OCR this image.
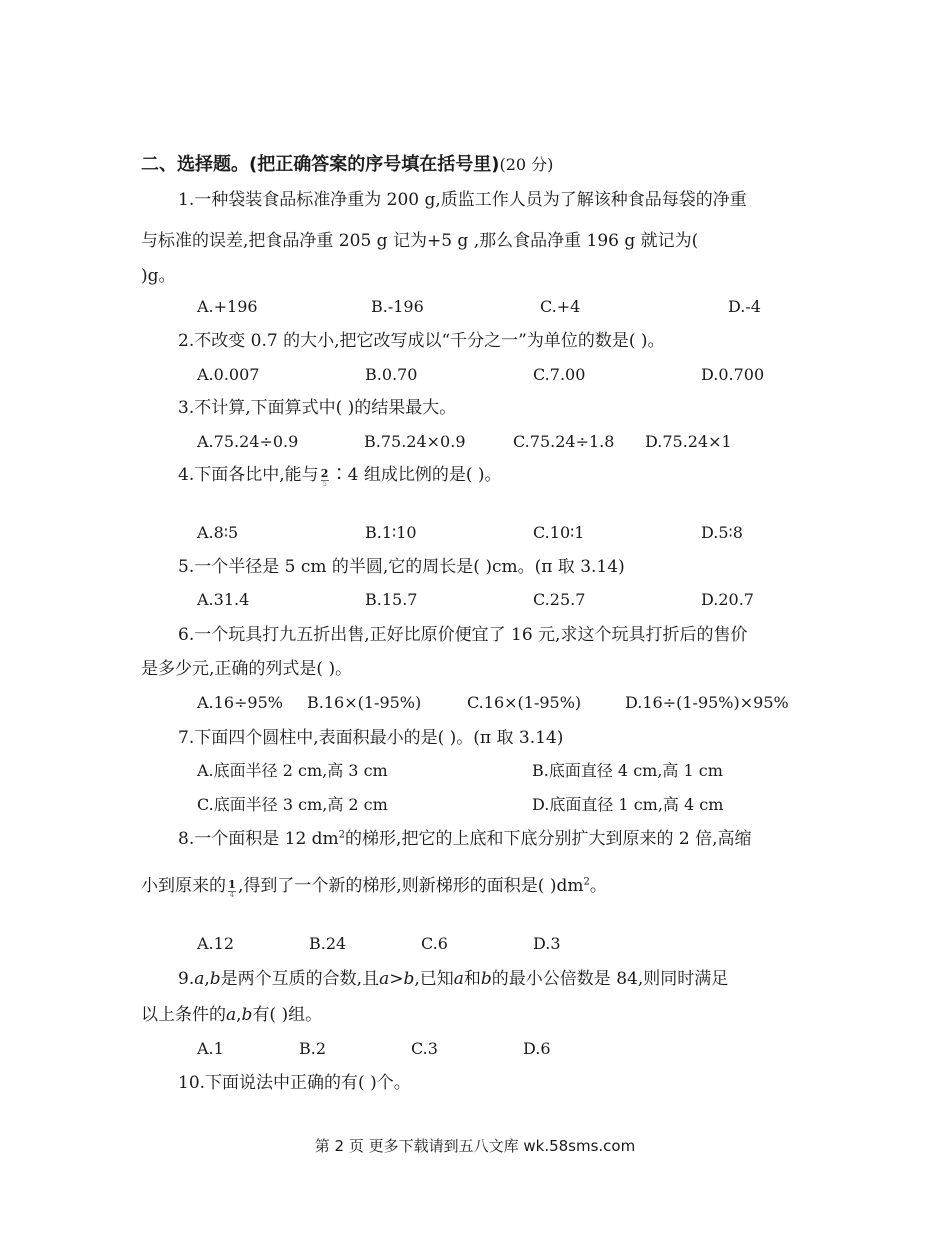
二、选择题。(把正确答案的序号填在括号里)(20 分)
1.一种袋装食品标准净重为 200 g,质监工作人员为了解该种食品每袋的净重
与标准的误差,把食品净重 205 g 记为+5 g ,那么食品净重 196 g 就记为(
)g。
A.+196	B.-196	C.+4	D.-4
2.不改变 0.7 的大小,把它改写成以“千分之一”为单位的数是( )。
A.0.007	B.0.70	C.7.00	D.0.700
3.不计算,下面算式中( )的结果最大。
A.75.24÷0.9	B.75.24×0.9	C.75.24÷1.8 D.75.24×1
4.下面各比中,能与 $\frac{2}{5}$ ∶4 组成比例的是( )。
A.8∶5	B.1∶10	C.10∶1	D.5∶8
5.一个半径是 5 cm 的半圆,它的周长是( )cm。(π 取 3.14)
A.31.4	B.15.7	C.25.7	D.20.7
6.一个玩具打九五折出售,正好比原价便宜了 16 元,求这个玩具打折后的售价
是多少元,正确的列式是( )。
A.16÷95% B.16×(1-95%)	C.16×(1-95%)	D.16÷(1-95%)×95%
7.下面四个圆柱中,表面积最小的是( )。(π 取 3.14)
A.底面半径 2 cm,高 3 cm	B.底面直径 4 cm,高 1 cm
C.底面半径 3 cm,高 2 cm	D.底面直径 1 cm,高 4 cm
8.一个面积是 12 $dm^2$的梯形,把它的上底和下底分别扩大到原来的 2 倍,高缩
小到原来的 $\frac{1}{4}$ ,得到了一个新的梯形,则新梯形的面积是( )$dm^2$。
A.12	B.24	C.6	D.3
9.a,b是两个互质的合数,且a>b,已知a和b的最小公倍数是 84,则同时满足
以上条件的a,b有( )组。
A.1	B.2	C.3	D.6
10.下面说法中正确的有( )个。
第 2 页 更多下载请到五八文库 wk.58sms.com
